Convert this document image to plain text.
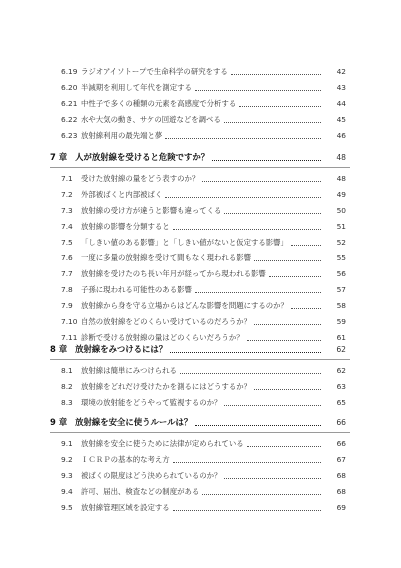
6.19 ラジオアイソトープで生命科学の研究をする	42
6.20 半減期を利用して年代を測定する	43
6.21 中性子で多くの種類の元素を高感度で分析する	44
6.22 水や大気の動き、サケの回遊などを調べる	45
6.23 放射線利用の最先端と夢	46
7 章 人が放射線を受けると危険ですか？	48
7.1	受けた放射線の量をどう表すのか？	48
7.2	外部被ばくと内部被ばく	49
7.3	放射線の受け方が違うと影響も違ってくる	50
7.4	放射線の影響を分類すると	51
7.5	「しきい値のある影響」と「しきい値がないと仮定する影響」	52
7.6	一度に多量の放射線を受けて間もなく現われる影響	55
7.7	放射線を受けたのち長い年月が経ってから現われる影響	56
7.8	子孫に現われる可能性のある影響	57
7.9	放射線から身を守る立場からはどんな影響を問題にするのか？	58
7.10 自然の放射線をどのくらい受けているのだろうか？	59
7.11 診断で受ける放射線の量はどのくらいだろうか？	61
8 章 放射線をみつけるには？	62
8.1	放射線は簡単にみつけられる	62
8.2	放射線をどれだけ受けたかを測るにはどうするか？	63
8.3	環境の放射能をどうやって監視するのか？	65
9 章 放射線を安全に使うルールは？	66
9.1	放射線を安全に使うために法律が定められている	66
9.2	ＩＣＲＰの基本的な考え方	67
9.3	被ばくの限度はどう決められているのか？	68
9.4	許可、届出、検査などの制度がある	68
9.5	放射線管理区域を設定する	69
